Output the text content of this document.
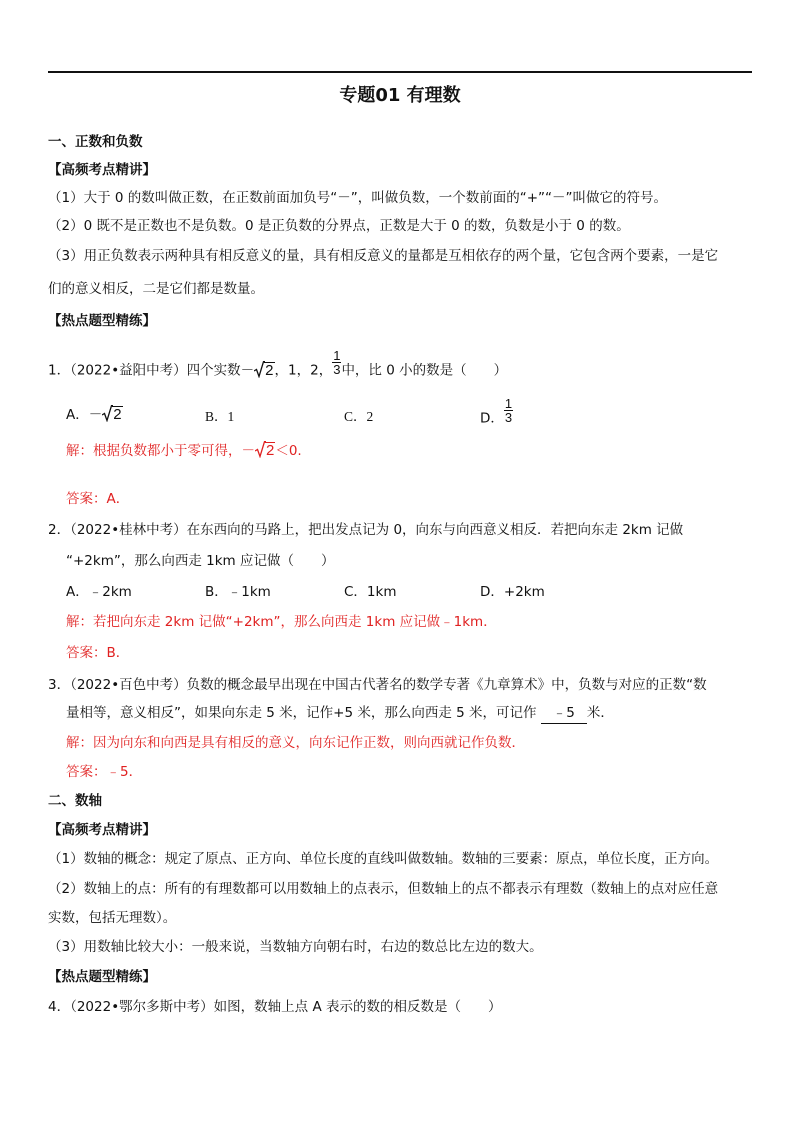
专题01 有理数
一、正数和负数
【高频考点精讲】
（1）大于 0 的数叫做正数，在正数前面加负号“－”，叫做负数，一个数前面的“+”“－”叫做它的符号。
（2）0 既不是正数也不是负数。0 是正负数的分界点，正数是大于 0 的数，负数是小于 0 的数。
（3）用正负数表示两种具有相反意义的量，具有相反意义的量都是互相依存的两个量，它包含两个要素，一是它
们的意义相反，二是它们都是数量。
【热点题型精练】
1．（2022•益阳中考）四个实数－ 2，1，2， $\frac{1}{3}$ 中，比 0 小的数是（　　）
A．－ 2	B．1	C．2	D． $\frac{1}{3}$
解：根据负数都小于零可得，－ 2＜0.
答案：A．
2．（2022•桂林中考）在东西向的马路上，把出发点记为 0，向东与向西意义相反．若把向东走 2km 记做
“+2km”，那么向西走 1km 应记做（　　）
A．﹣2km	B．﹣1km	C．1km	D．+2km
解：若把向东走 2km 记做“+2km”，那么向西走 1km 应记做﹣1km．
答案：B．
3．（2022•百色中考）负数的概念最早出现在中国古代著名的数学专著《九章算术》中，负数与对应的正数“数
量相等，意义相反”，如果向东走 5 米，记作+5 米，那么向西走 5 米，可记作 ﹣5 米．
解：因为向东和向西是具有相反的意义，向东记作正数，则向西就记作负数．
答案：﹣5．
二、数轴
【高频考点精讲】
（1）数轴的概念：规定了原点、正方向、单位长度的直线叫做数轴。数轴的三要素：原点，单位长度，正方向。
（2）数轴上的点：所有的有理数都可以用数轴上的点表示，但数轴上的点不都表示有理数（数轴上的点对应任意
实数，包括无理数）。
（3）用数轴比较大小：一般来说，当数轴方向朝右时，右边的数总比左边的数大。
【热点题型精练】
4．（2022•鄂尔多斯中考）如图，数轴上点 A 表示的数的相反数是（　　）
